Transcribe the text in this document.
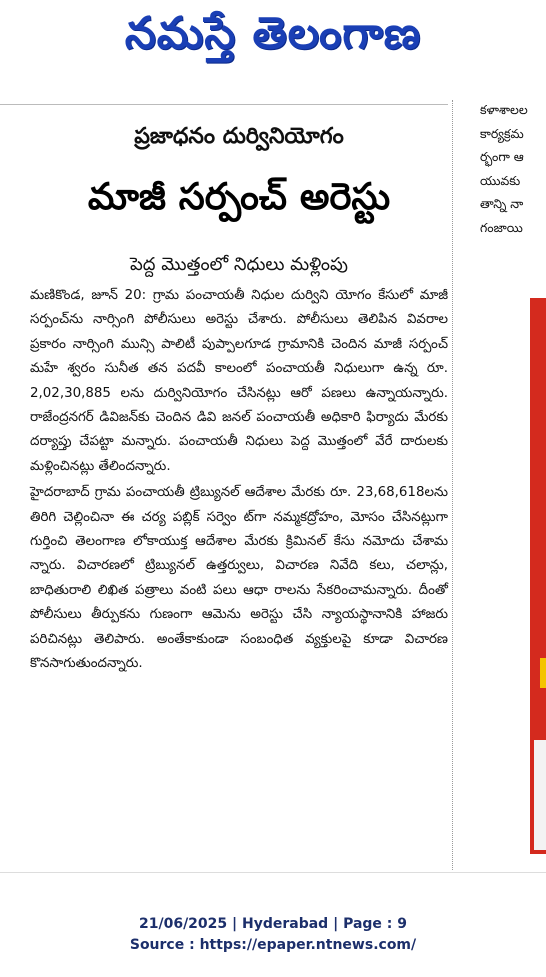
నమస్తే తెలంగాణ
ప్రజాధనం దుర్వినియోగం
మాజీ సర్పంచ్ అరెస్టు
పెద్ద మొత్తంలో నిధులు మళ్లింపు

మణికొండ, జూన్ 20: గ్రామ పంచాయతీ నిధుల దుర్విని యోగం కేసులో మాజీ సర్పంచ్‌ను నార్సింగి పోలీసులు అరెస్టు చేశారు. పోలీసులు తెలిపిన వివరాల ప్రకారం నార్సింగి మున్సి పాలిటీ పుప్పాలగూడ గ్రామానికి చెందిన మాజీ సర్పంచ్ మహే శ్వరం సునీత తన పదవీ కాలంలో పంచాయతీ నిధులుగా ఉన్న రూ. 2,02,30,885 లను దుర్వినియోగం చేసినట్లు ఆరో పణలు ఉన్నాయన్నారు. రాజేంద్రనగర్ డివిజన్‌కు చెందిన డివి జనల్ పంచాయతీ అధికారి ఫిర్యాదు మేరకు దర్యాప్తు చేపట్టా మన్నారు. పంచాయతీ నిధులు పెద్ద మొత్తంలో వేరే దారులకు మళ్లించినట్లు తేలిందన్నారు.

హైదరాబాద్ గ్రామ పంచాయతీ ట్రిబ్యునల్ ఆదేశాల మేరకు రూ. 23,68,618లను తిరిగి చెల్లించినా ఈ చర్య పబ్లిక్ సర్వెం ట్‌గా నమ్మకద్రోహం, మోసం చేసినట్లుగా గుర్తించి తెలంగాణ లోకాయుక్త ఆదేశాల మేరకు క్రిమినల్ కేసు నమోదు చేశామ న్నారు. విచారణలో ట్రిబ్యునల్ ఉత్తర్వులు, విచారణ నివేది కలు, చలాన్లు, బాధితురాలి లిఖిత పత్రాలు వంటి పలు ఆధా రాలను సేకరించామన్నారు. దీంతో పోలీసులు తీర్పుకను గుణంగా ఆమెను అరెస్టు చేసి న్యాయస్థానానికి హాజరు పరిచినట్లు తెలిపారు. అంతేకాకుండా సంబంధిత వ్యక్తులపై కూడా విచారణ కొనసాగుతుందన్నారు.

కళాశాలల
కార్యక్రమ
ర్భంగా ఆ
యువకు
తాన్ని నా
గంజాయి
21/06/2025 | Hyderabad | Page : 9
Source : https://epaper.ntnews.com/
